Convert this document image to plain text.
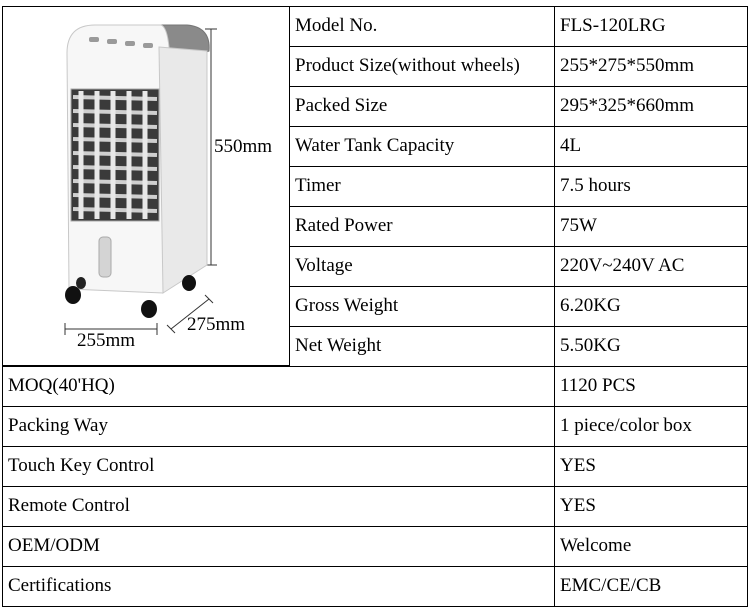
550mm
255mm
275mm
Model No.	FLS-120LRG
Product Size(without wheels)	255*275*550mm
Packed Size	295*325*660mm
Water Tank Capacity	4L
Timer	7.5 hours
Rated Power	75W
Voltage	220V~240V AC
Gross Weight	6.20KG
Net Weight	5.50KG
MOQ(40'HQ)	1120 PCS
Packing Way	1 piece/color box
Touch Key Control	YES
Remote Control	YES
OEM/ODM	Welcome
Certifications	EMC/CE/CB
